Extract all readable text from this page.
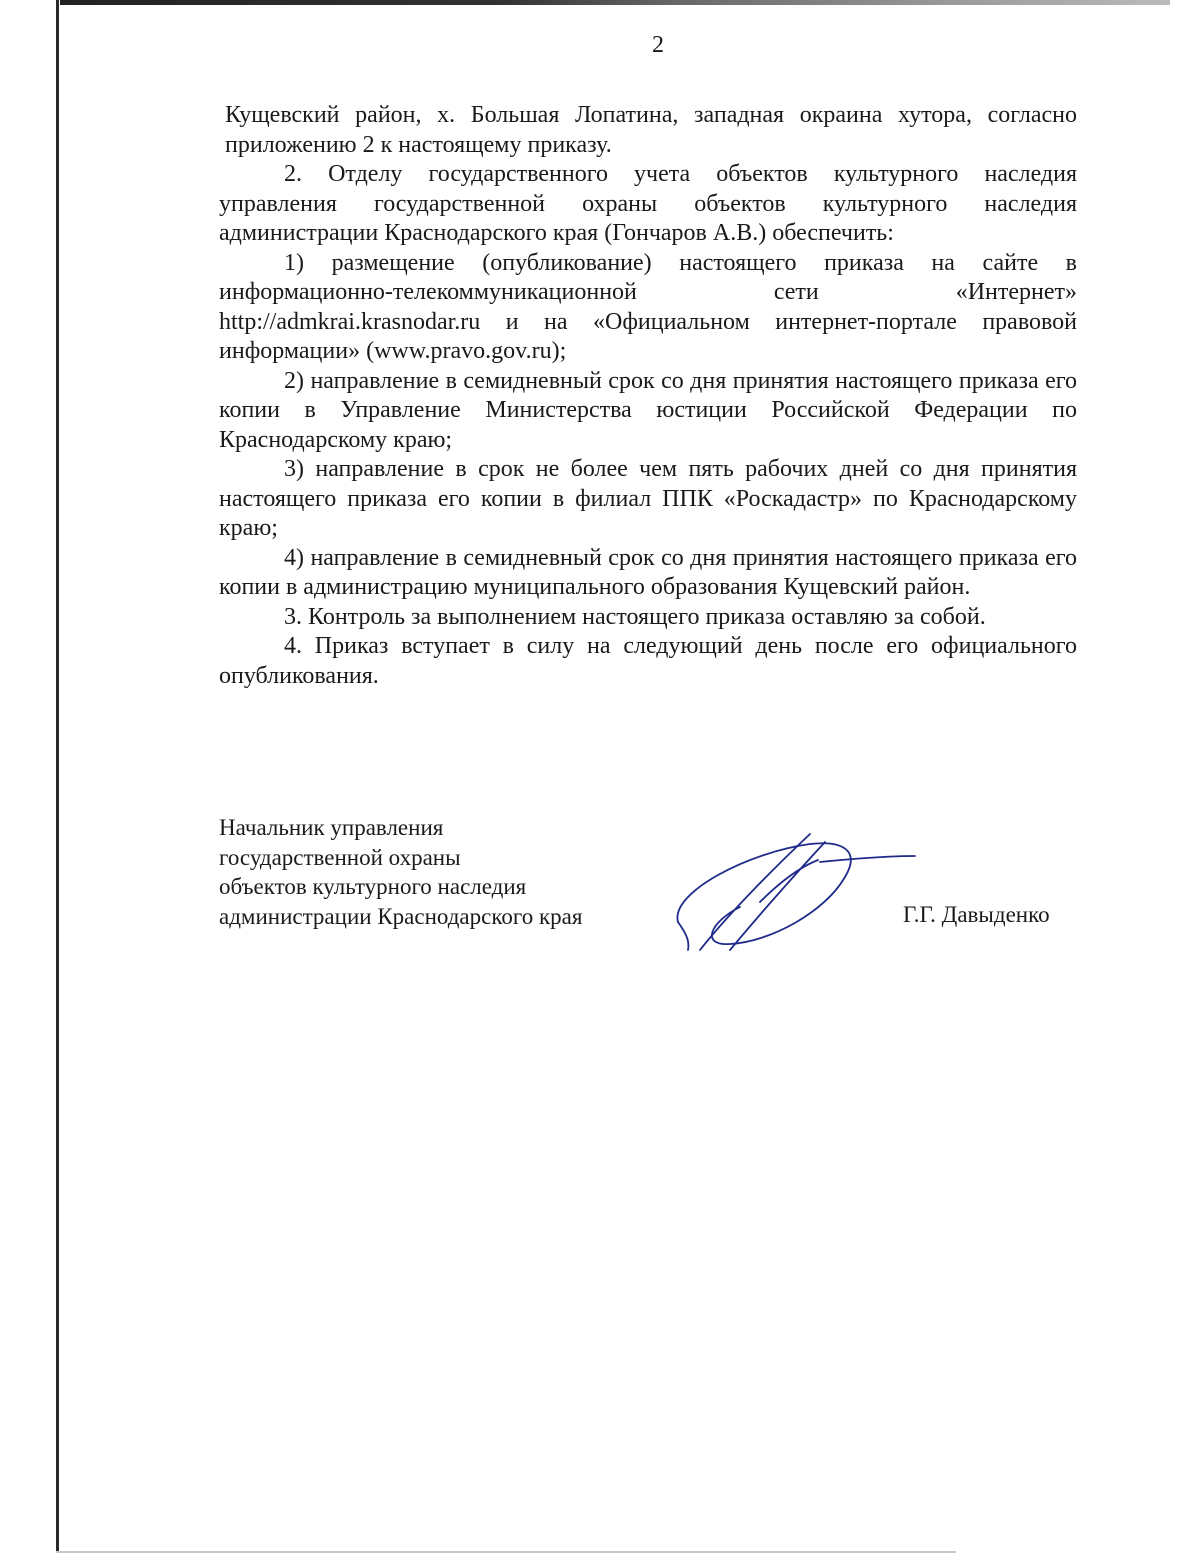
2

Кущевский район, х. Большая Лопатина, западная окраина хутора, согласно приложению 2 к настоящему приказу.

2. Отделу государственного учета объектов культурного наследия управления государственной охраны объектов культурного наследия администрации Краснодарского края (Гончаров А.В.) обеспечить:

1) размещение (опубликование) настоящего приказа на сайте в информационно-телекоммуникационной сети «Интернет» http://admkrai.krasnodar.ru и на «Официальном интернет-портале правовой информации» (www.pravo.gov.ru);

2) направление в семидневный срок со дня принятия настоящего приказа его копии в Управление Министерства юстиции Российской Федерации по Краснодарскому краю;

3) направление в срок не более чем пять рабочих дней со дня принятия настоящего приказа его копии в филиал ППК «Роскадастр» по Краснодарскому краю;

4) направление в семидневный срок со дня принятия настоящего приказа его копии в администрацию муниципального образования Кущевский район.

3. Контроль за выполнением настоящего приказа оставляю за собой.

4. Приказ вступает в силу на следующий день после его официального опубликования.

Начальник управления
государственной охраны
объектов культурного наследия
администрации Краснодарского края	Г.Г. Давыденко
